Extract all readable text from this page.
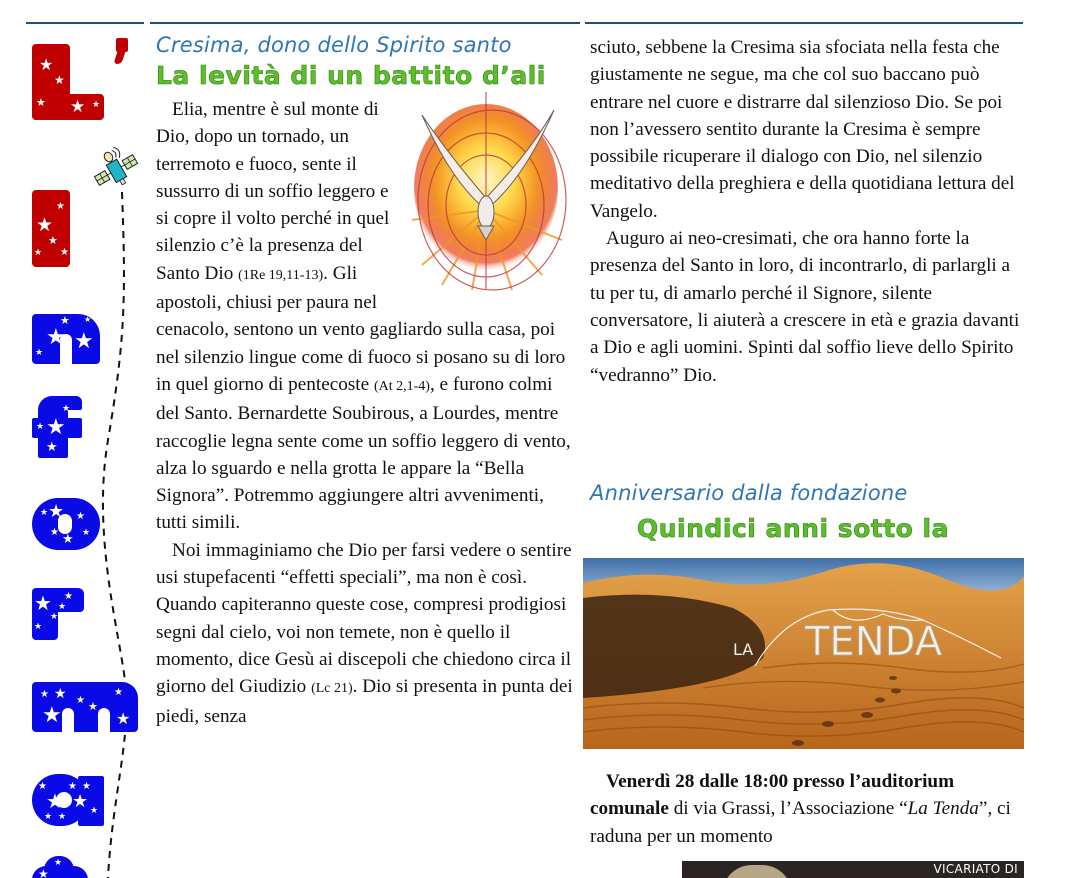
★
★
★ ★ ★
★
★
★
★
★
★ ★
★
★ ★
★
★
★
★
★
★	★
★	★
★
★ ★
★
★
★
★
★ ★ ★
★
★
★
★
★
★ ★
★
★ ★
★
★
★
Cresima, dono dello Spirito santo
La levità di un battito d’ali

Elia, mentre è sul monte di Dio, dopo un tornado, un terremoto e fuoco, sente il sussurro di un soffio leggero e si copre il volto perché in quel silenzio c’è la presenza del Santo Dio (1Re 19,11-13). Gli apostoli, chiusi per paura nel cenacolo, sentono un vento gagliardo sulla casa, poi nel silenzio lingue come di fuoco si posano su di loro in quel giorno di pentecoste (At 2,1-4), e furono colmi del Santo. Bernardette Soubirous, a Lourdes, mentre raccoglie legna sente come un soffio leggero di vento, alza lo sguardo e nella grotta le appare la “Bella Signora”. Potremmo aggiungere altri avvenimenti, tutti simili.

Noi immaginiamo che Dio per farsi vedere o sentire usi stupefacenti “effetti speciali”, ma non è così. Quando capiteranno queste cose, compresi prodigiosi segni dal cielo, voi non temete, non è quello il momento, dice Gesù ai discepoli che chiedono circa il giorno del Giudizio (Lc 21). Dio si presenta in punta dei piedi, senza

sciuto, sebbene la Cresima sia sfociata nella festa che giustamente ne segue, ma che col suo baccano può entrare nel cuore e distrarre dal silenzioso Dio. Se poi non l’avessero sentito durante la Cresima è sempre possibile ricuperare il dialogo con Dio, nel silenzio meditativo della preghiera e della quotidiana lettura del Vangelo.

Auguro ai neo-cresimati, che ora hanno forte la presenza del Santo in loro, di incontrarlo, di parlargli a tu per tu, di amarlo perché il Signore, silente conversatore, li aiuterà a crescere in età e grazia davanti a Dio e agli uomini. Spinti dal soffio lieve dello Spirito “vedranno” Dio.

Anniversario dalla fondazione
Quindici anni sotto la
LA TENDA
Venerdì 28 dalle 18:00 presso l’auditorium comunale di via Grassi, l’Associazione “La Tenda”, ci raduna per un momento
VICARIATO DI
